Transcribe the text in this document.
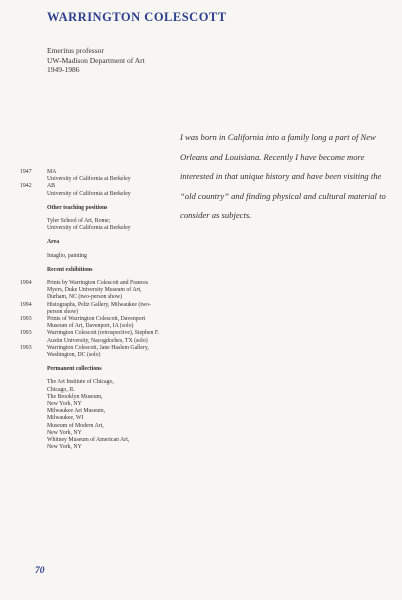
WARRINGTON COLESCOTT
Emeritus professor
UW-Madison Department of Art
1949-1986
I was born in California into a family long a part of New Orleans and Louisiana. Recently I have become more interested in that unique history and have been visiting the “old country” and finding physical and cultural material to consider as subjects.
1947	MA
University of California at Berkeley
1942	AB
University of California at Berkeley
Other teaching positions
Tyler School of Art, Rome;
University of California at Berkeley
Area
Intaglio, painting
Recent exhibitions
1994	Prints by Warrington Colescott and Frances Myers, Duke University Museum of Art, Durham, NC (two-person show)
1994	Histographs, Peltz Gallery, Milwaukee (two-person show)
1993	Prints of Warrington Colescott, Davenport Museum of Art, Davenport, IA (solo)
1993	Warrington Colescott (retrospective), Stephen F. Austin University, Nacogdoches, TX (solo)
1993	Warrington Colescott, Jane Haslem Gallery, Washington, DC (solo)
Permanent collections
The Art Institute of Chicago,
Chicago, IL
The Brooklyn Museum,
New York, NY
Milwaukee Art Museum,
Milwaukee, WI
Museum of Modern Art,
New York, NY
Whitney Museum of American Art,
New York, NY
70
